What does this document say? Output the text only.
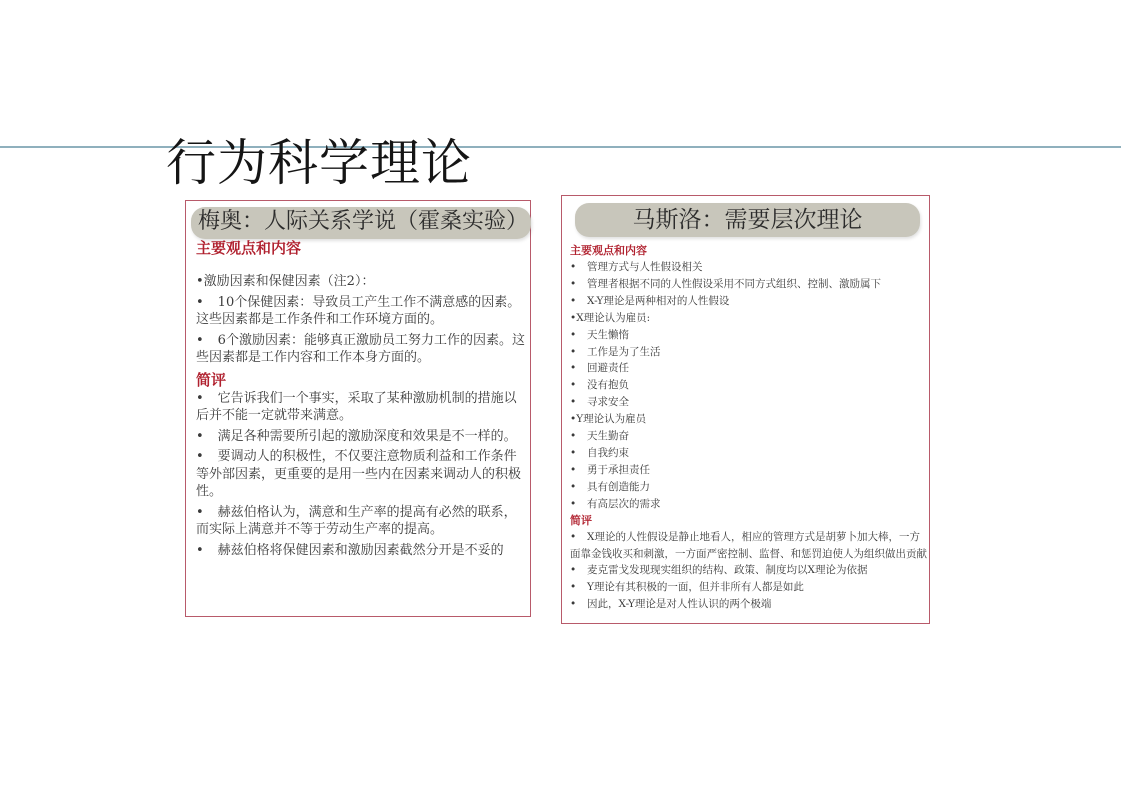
行为科学理论
梅奥：人际关系学说（霍桑实验）
主要观点和内容
•激励因素和保健因素（注2）：
• 10个保健因素：导致员工产生工作不满意感的因素。这些因素都是工作条件和工作环境方面的。
• 6个激励因素：能够真正激励员工努力工作的因素。这些因素都是工作内容和工作本身方面的。
简评
• 它告诉我们一个事实，采取了某种激励机制的措施以后并不能一定就带来满意。
• 满足各种需要所引起的激励深度和效果是不一样的。
• 要调动人的积极性，不仅要注意物质利益和工作条件等外部因素，更重要的是用一些内在因素来调动人的积极性。
• 赫兹伯格认为，满意和生产率的提高有必然的联系，而实际上满意并不等于劳动生产率的提高。
• 赫兹伯格将保健因素和激励因素截然分开是不妥的
马斯洛：需要层次理论
主要观点和内容
• 管理方式与人性假设相关
• 管理者根据不同的人性假设采用不同方式组织、控制、激励属下
• X-Y理论是两种相对的人性假设
•X理论认为雇员:
• 天生懒惰
• 工作是为了生活
• 回避责任
• 没有抱负
• 寻求安全
•Y理论认为雇员
• 天生勤奋
• 自我约束
• 勇于承担责任
• 具有创造能力
• 有高层次的需求
简评
• X理论的人性假设是静止地看人，相应的管理方式是胡萝卜加大棒，一方面靠金钱收买和刺激，一方面严密控制、监督、和惩罚迫使人为组织做出贡献
• 麦克雷戈发现现实组织的结构、政策、制度均以X理论为依据
• Y理论有其积极的一面，但并非所有人都是如此
• 因此，X-Y理论是对人性认识的两个极端
